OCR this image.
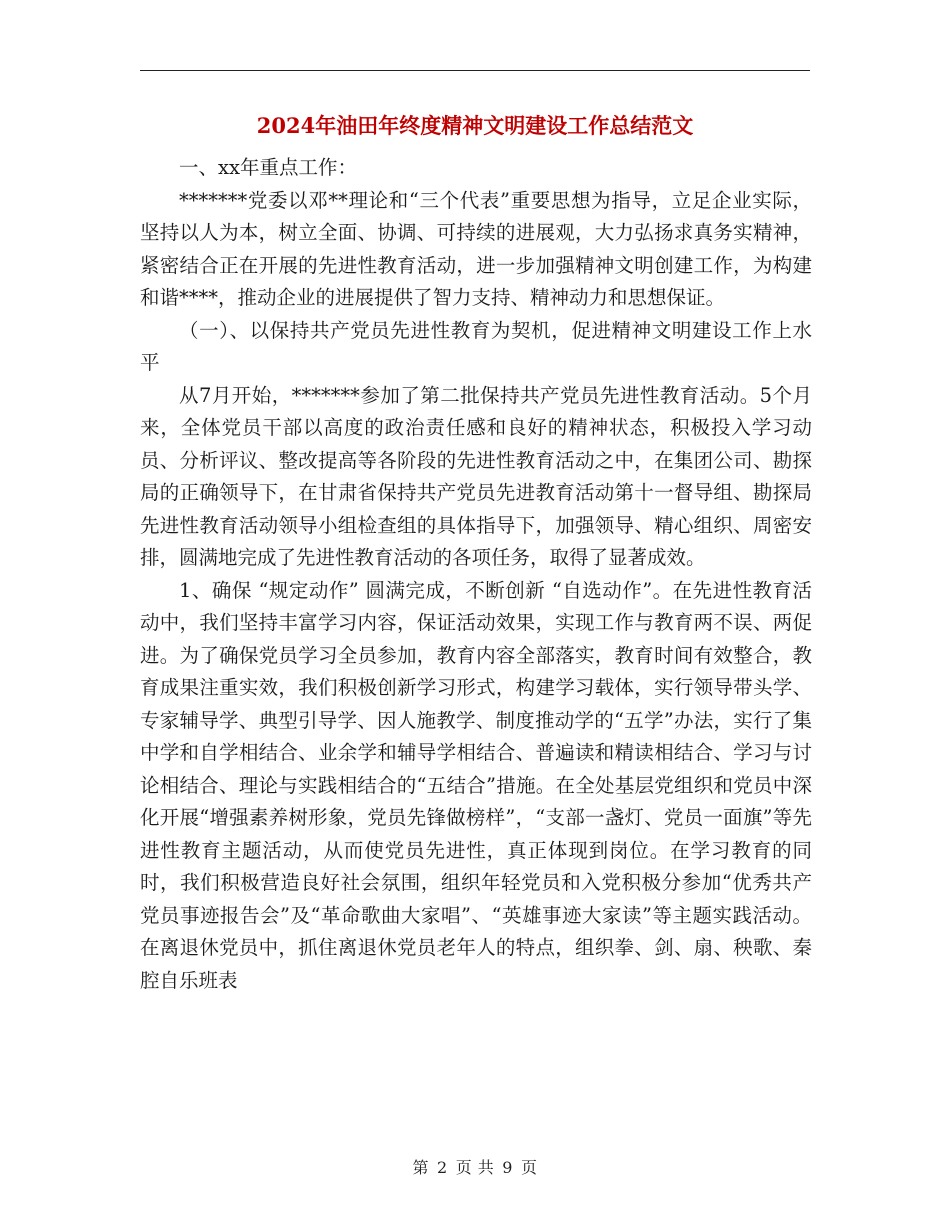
2024年油田年终度精神文明建设工作总结范文

一、xx年重点工作：

*******党委以邓**理论和“三个代表”重要思想为指导，立足企业实际，坚持以人为本，树立全面、协调、可持续的进展观，大力弘扬求真务实精神，紧密结合正在开展的先进性教育活动，进一步加强精神文明创建工作，为构建和谐****，推动企业的进展提供了智力支持、精神动力和思想保证。

（一）、以保持共产党员先进性教育为契机，促进精神文明建设工作上水平

从7月开始，*******参加了第二批保持共产党员先进性教育活动。5个月来，全体党员干部以高度的政治责任感和良好的精神状态，积极投入学习动员、分析评议、整改提高等各阶段的先进性教育活动之中，在集团公司、勘探局的正确领导下，在甘肃省保持共产党员先进教育活动第十一督导组、勘探局先进性教育活动领导小组检查组的具体指导下，加强领导、精心组织、周密安排，圆满地完成了先进性教育活动的各项任务，取得了显著成效。

1、确保 “规定动作” 圆满完成，不断创新 “自选动作”。在先进性教育活动中，我们坚持丰富学习内容，保证活动效果，实现工作与教育两不误、两促进。为了确保党员学习全员参加，教育内容全部落实，教育时间有效整合，教育成果注重实效，我们积极创新学习形式，构建学习载体，实行领导带头学、专家辅导学、典型引导学、因人施教学、制度推动学的“五学”办法，实行了集中学和自学相结合、业余学和辅导学相结合、普遍读和精读相结合、学习与讨论相结合、理论与实践相结合的“五结合”措施。在全处基层党组织和党员中深化开展“增强素养树形象，党员先锋做榜样”，“支部一盏灯、党员一面旗”等先进性教育主题活动，从而使党员先进性，真正体现到岗位。在学习教育的同时，我们积极营造良好社会氛围，组织年轻党员和入党积极分参加“优秀共产党员事迹报告会”及“革命歌曲大家唱”、“英雄事迹大家读”等主题实践活动。在离退休党员中，抓住离退休党员老年人的特点，组织拳、剑、扇、秧歌、秦腔自乐班表

第 2 页 共 9 页
